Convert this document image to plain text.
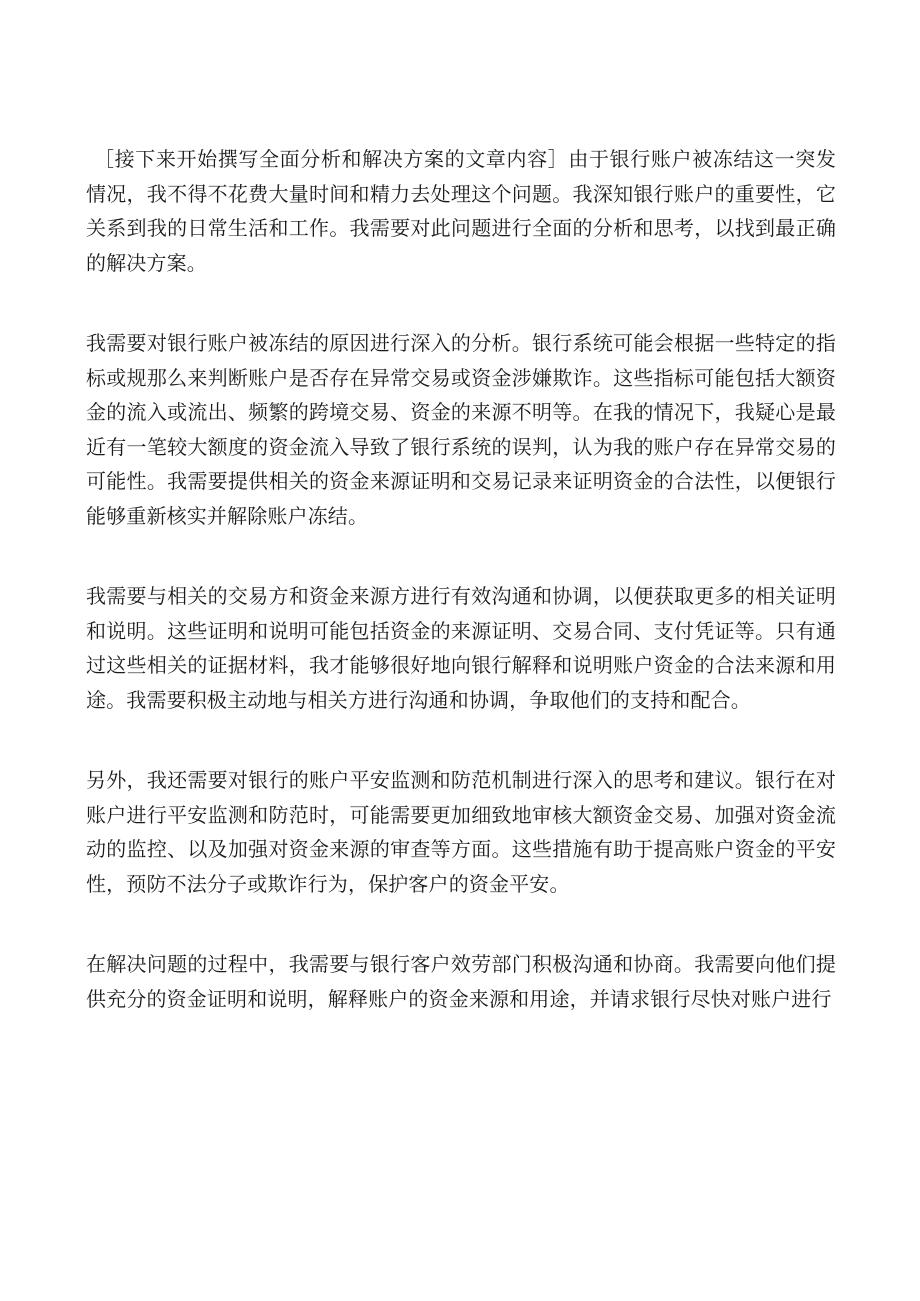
［接下来开始撰写全面分析和解决方案的文章内容］由于银行账户被冻结这一突发情况，我不得不花费大量时间和精力去处理这个问题。我深知银行账户的重要性，它关系到我的日常生活和工作。我需要对此问题进行全面的分析和思考，以找到最正确的解决方案。

我需要对银行账户被冻结的原因进行深入的分析。银行系统可能会根据一些特定的指标或规那么来判断账户是否存在异常交易或资金涉嫌欺诈。这些指标可能包括大额资金的流入或流出、频繁的跨境交易、资金的来源不明等。在我的情况下，我疑心是最近有一笔较大额度的资金流入导致了银行系统的误判，认为我的账户存在异常交易的可能性。我需要提供相关的资金来源证明和交易记录来证明资金的合法性，以便银行能够重新核实并解除账户冻结。

我需要与相关的交易方和资金来源方进行有效沟通和协调，以便获取更多的相关证明和说明。这些证明和说明可能包括资金的来源证明、交易合同、支付凭证等。只有通过这些相关的证据材料，我才能够很好地向银行解释和说明账户资金的合法来源和用途。我需要积极主动地与相关方进行沟通和协调，争取他们的支持和配合。

另外，我还需要对银行的账户平安监测和防范机制进行深入的思考和建议。银行在对账户进行平安监测和防范时，可能需要更加细致地审核大额资金交易、加强对资金流动的监控、以及加强对资金来源的审查等方面。这些措施有助于提高账户资金的平安性，预防不法分子或欺诈行为，保护客户的资金平安。

在解决问题的过程中，我需要与银行客户效劳部门积极沟通和协商。我需要向他们提供充分的资金证明和说明，解释账户的资金来源和用途，并请求银行尽快对账户进行
